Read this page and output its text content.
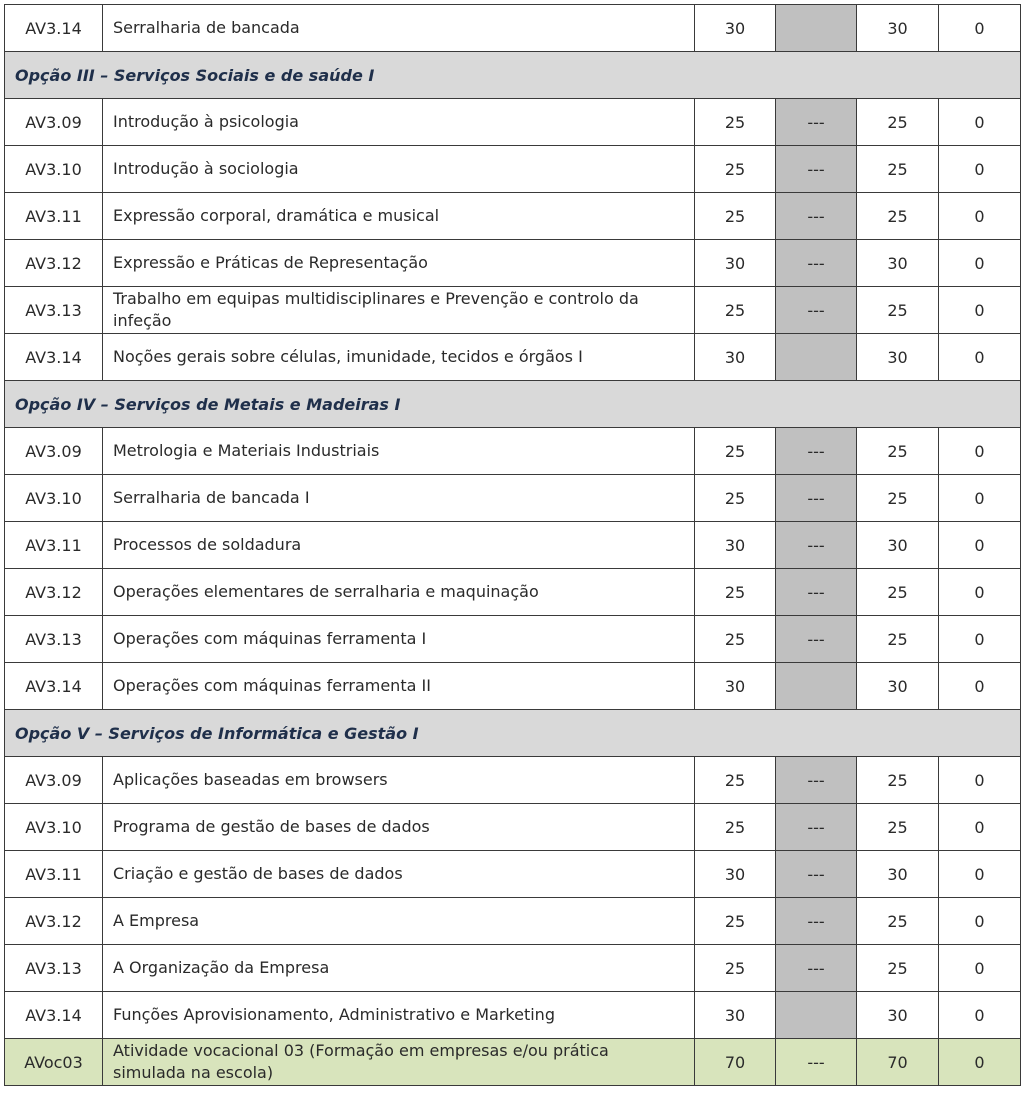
AV3.14	Serralharia de bancada	30		30	0
Opção III – Serviços Sociais e de saúde I					
AV3.09	Introdução à psicologia	25	---	25	0
AV3.10	Introdução à sociologia	25	---	25	0
AV3.11	Expressão corporal, dramática e musical	25	---	25	0
AV3.12	Expressão e Práticas de Representação	30	---	30	0
AV3.13	Trabalho em equipas multidisciplinares e Prevenção e controlo da infeção	25	---	25	0
AV3.14	Noções gerais sobre células, imunidade, tecidos e órgãos I	30		30	0
Opção IV – Serviços de Metais e Madeiras I					
AV3.09	Metrologia e Materiais Industriais	25	---	25	0
AV3.10	Serralharia de bancada I	25	---	25	0
AV3.11	Processos de soldadura	30	---	30	0
AV3.12	Operações elementares de serralharia e maquinação	25	---	25	0
AV3.13	Operações com máquinas ferramenta I	25	---	25	0
AV3.14	Operações com máquinas ferramenta II	30		30	0
Opção V – Serviços de Informática e Gestão I					
AV3.09	Aplicações baseadas em browsers	25	---	25	0
AV3.10	Programa de gestão de bases de dados	25	---	25	0
AV3.11	Criação e gestão de bases de dados	30	---	30	0
AV3.12	A Empresa	25	---	25	0
AV3.13	A Organização da Empresa	25	---	25	0
AV3.14	Funções Aprovisionamento, Administrativo e Marketing	30		30	0
AVoc03	Atividade vocacional 03 (Formação em empresas e/ou prática simulada na escola)	70	---	70	0
